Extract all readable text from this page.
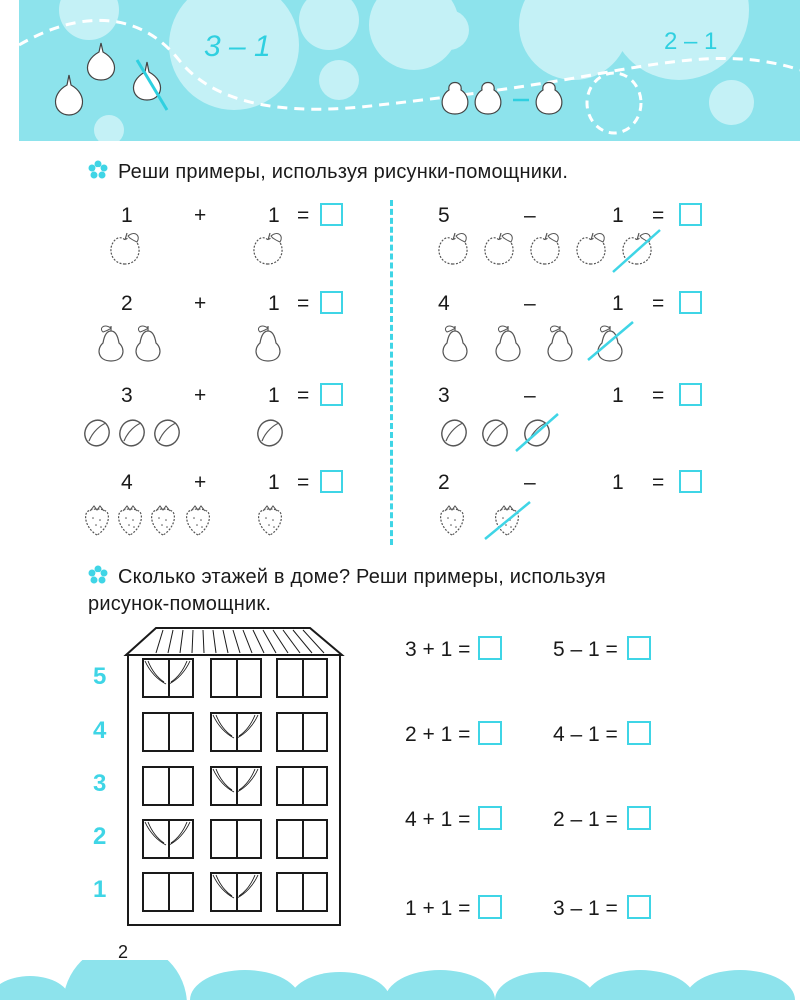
3 – 1	2 – 1
Реши примеры, используя рисунки-помощники.
1	+	1 =
2	+	1 =
3	+	1 =
4	+	1 =
5	–	1 =
4	–	1 =
3	–	1 =
2	–	1 =
Сколько этажей в доме? Реши примеры, используя
рисунок-помощник.
5
4
3
2
1
3 + 1 =
2 + 1 =
4 + 1 =
1 + 1 =
5 – 1 =
4 – 1 =
2 – 1 =
3 – 1 =
2
